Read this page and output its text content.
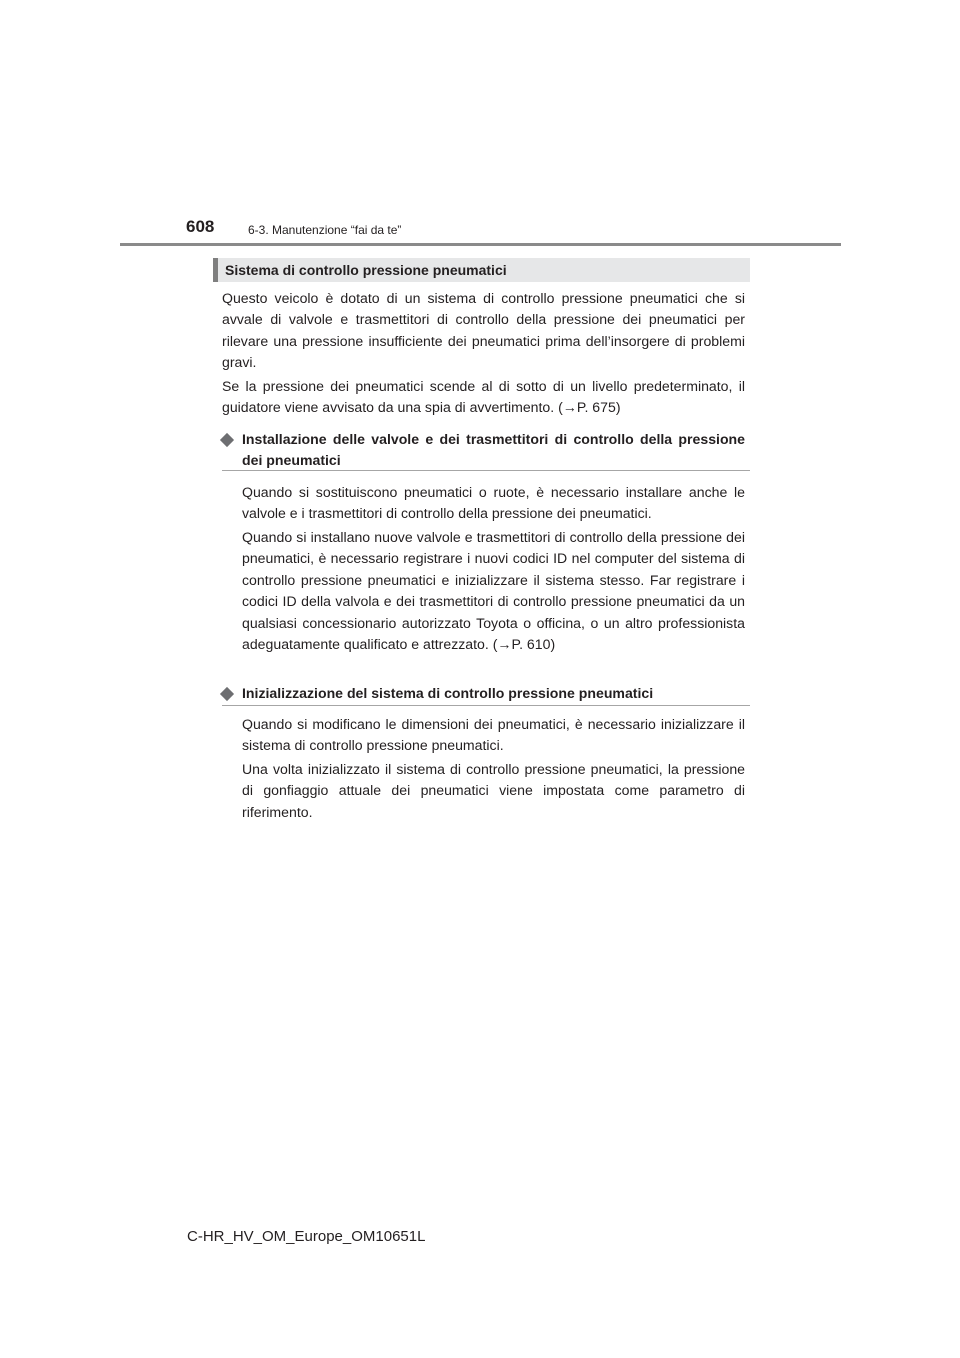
608	6-3. Manutenzione “fai da te”
Sistema di controllo pressione pneumatici

Questo veicolo è dotato di un sistema di controllo pressione pneumatici che si avvale di valvole e trasmettitori di controllo della pressione dei pneumatici per rilevare una pressione insufficiente dei pneumatici prima dell’insorgere di problemi gravi.

Se la pressione dei pneumatici scende al di sotto di un livello predeterminato, il guidatore viene avvisato da una spia di avvertimento. (→P. 675)

Installazione delle valvole e dei trasmettitori di controllo della pressione dei pneumatici

Quando si sostituiscono pneumatici o ruote, è necessario installare anche le valvole e i trasmettitori di controllo della pressione dei pneumatici.

Quando si installano nuove valvole e trasmettitori di controllo della pressione dei pneumatici, è necessario registrare i nuovi codici ID nel computer del sistema di controllo pressione pneumatici e inizializzare il sistema stesso. Far registrare i codici ID della valvola e dei trasmettitori di controllo pressione pneumatici da un qualsiasi concessionario autorizzato Toyota o officina, o un altro professionista adeguatamente qualificato e attrezzato. (→P. 610)

Inizializzazione del sistema di controllo pressione pneumatici

Quando si modificano le dimensioni dei pneumatici, è necessario inizializzare il sistema di controllo pressione pneumatici.

Una volta inizializzato il sistema di controllo pressione pneumatici, la pressione di gonfiaggio attuale dei pneumatici viene impostata come parametro di riferimento.

C-HR_HV_OM_Europe_OM10651L
